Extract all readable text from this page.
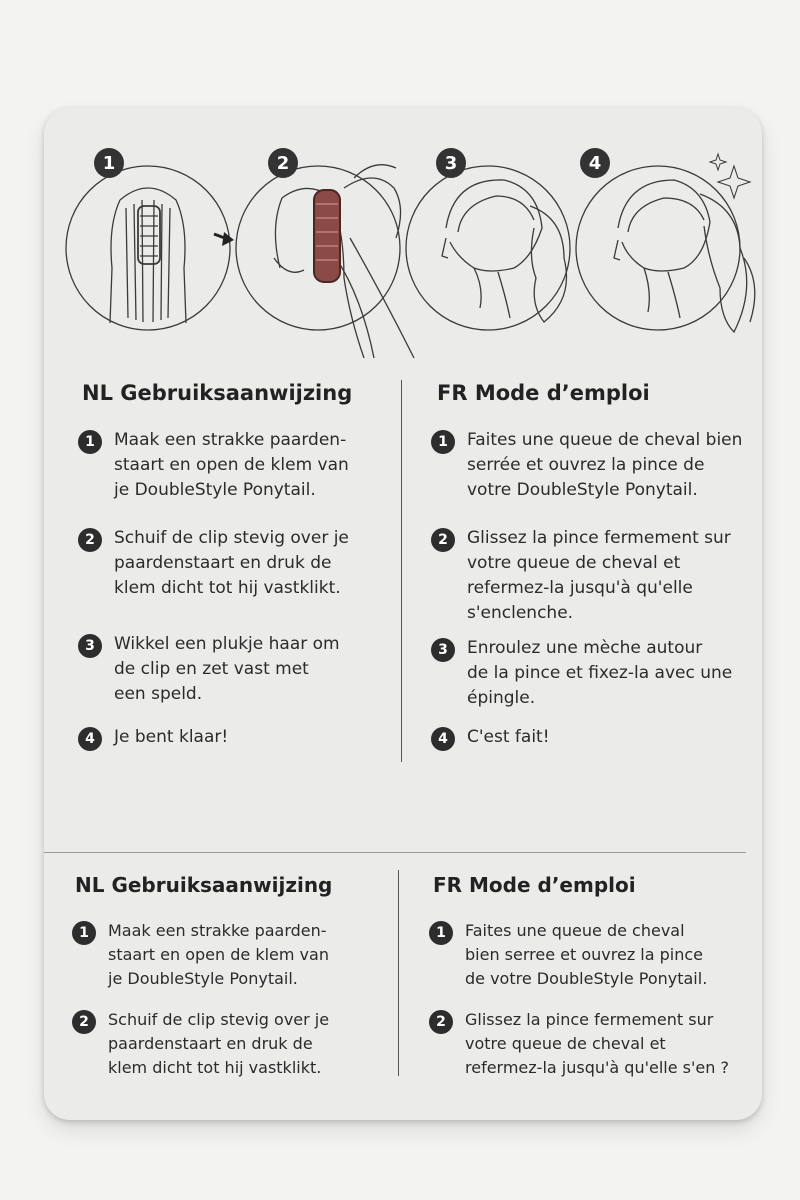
1	2	3	4
NL Gebruiksaanwijzing
1	Maak een strakke paarden-
staart en open de klem van
je DoubleStyle Ponytail.
2	Schuif de clip stevig over je
paardenstaart en druk de
klem dicht tot hij vastklikt.
3	Wikkel een plukje haar om
de clip en zet vast met
een speld.
4	Je bent klaar!
FR Mode d’emploi
1	Faites une queue de cheval bien
serrée et ouvrez la pince de
votre DoubleStyle Ponytail.
2	Glissez la pince fermement sur
votre queue de cheval et
refermez-la jusqu'à qu'elle
s'enclenche.
3	Enroulez une mèche autour
de la pince et fixez-la avec une
épingle.
4	C'est fait!
NL Gebruiksaanwijzing
1	Maak een strakke paarden-
staart en open de klem van
je DoubleStyle Ponytail.
2	Schuif de clip stevig over je
paardenstaart en druk de
klem dicht tot hij vastklikt.
FR Mode d’emploi
1	Faites une queue de cheval
bien serree et ouvrez la pince
de votre DoubleStyle Ponytail.
2	Glissez la pince fermement sur
votre queue de cheval et
refermez-la jusqu'à qu'elle s'en ?
